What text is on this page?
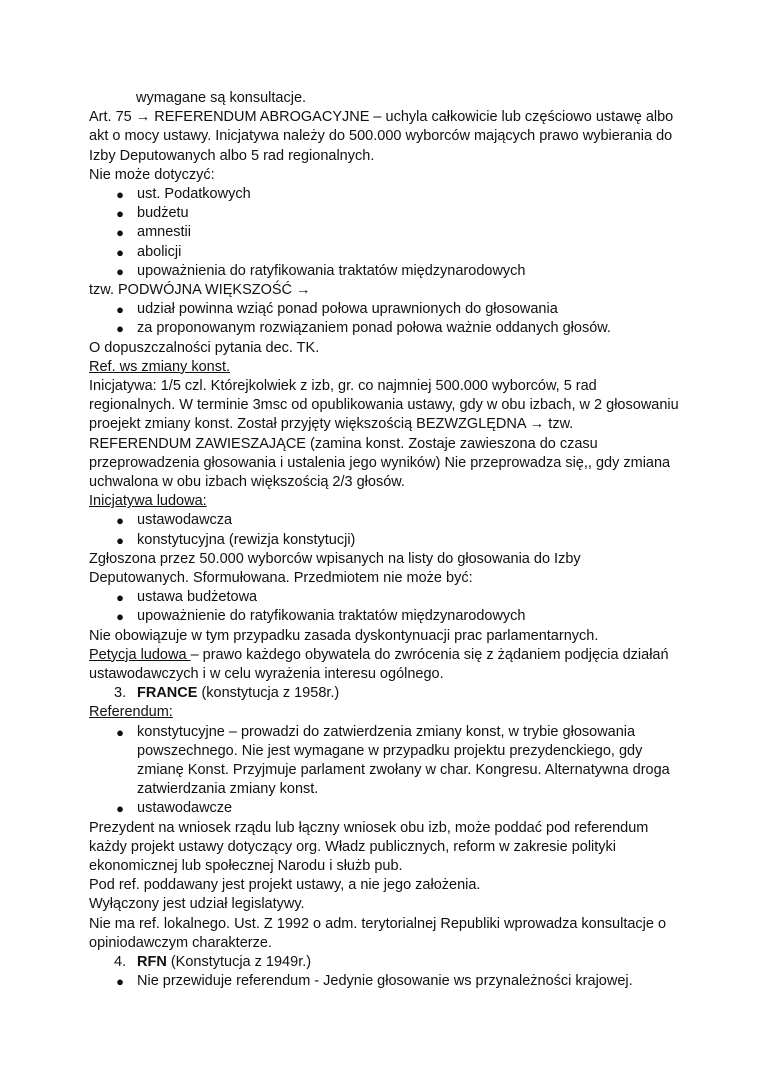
wymagane są konsultacje.
Art. 75 → REFERENDUM ABROGACYJNE – uchyla całkowicie lub częściowo ustawę albo akt o mocy ustawy. Inicjatywa należy do 500.000 wyborców mających prawo wybierania do Izby Deputowanych albo 5 rad regionalnych.
Nie może dotyczyć:
● ust. Podatkowych
● budżetu
● amnestii
● abolicji
● upoważnienia do ratyfikowania traktatów międzynarodowych
tzw. PODWÓJNA WIĘKSZOŚĆ →
● udział powinna wziąć ponad połowa uprawnionych do głosowania
● za proponowanym rozwiązaniem ponad połowa ważnie oddanych głosów.
O dopuszczalności pytania dec. TK.
Ref. ws zmiany konst.
Inicjatywa: 1/5 czl. Którejkolwiek z izb, gr. co najmniej 500.000 wyborców, 5 rad regionalnych. W terminie 3msc od opublikowania ustawy, gdy w obu izbach, w 2 głosowaniu proejekt zmiany konst. Został przyjęty większością BEZWZGLĘDNA → tzw. REFERENDUM ZAWIESZAJĄCE (zamina konst. Zostaje zawieszona do czasu przeprowadzenia głosowania i ustalenia jego wyników) Nie przeprowadza się,, gdy zmiana uchwalona w obu izbach większością 2/3 głosów.
Inicjatywa ludowa:
● ustawodawcza
● konstytucyjna (rewizja konstytucji)
Zgłoszona przez 50.000 wyborców wpisanych na listy do głosowania do Izby Deputowanych. Sformułowana. Przedmiotem nie może być:
● ustawa budżetowa
● upoważnienie do ratyfikowania traktatów międzynarodowych
Nie obowiązuje w tym przypadku zasada dyskontynuacji prac parlamentarnych.
Petycja ludowa – prawo każdego obywatela do zwrócenia się z żądaniem podjęcia działań ustawodawczych i w celu wyrażenia interesu ogólnego.
3. FRANCE (konstytucja z 1958r.)
Referendum:
● konstytucyjne – prowadzi do zatwierdzenia zmiany konst, w trybie głosowania powszechnego. Nie jest wymagane w przypadku projektu prezydenckiego, gdy zmianę Konst. Przyjmuje parlament zwołany w char. Kongresu. Alternatywna droga zatwierdzania zmiany konst.
● ustawodawcze
Prezydent na wniosek rządu lub łączny wniosek obu izb, może poddać pod referendum każdy projekt ustawy dotyczący org. Władz publicznych, reform w zakresie polityki ekonomicznej lub społecznej Narodu i służb pub.
Pod ref. poddawany jest projekt ustawy, a nie jego założenia.
Wyłączony jest udział legislatywy.
Nie ma ref. lokalnego. Ust. Z 1992 o adm. terytorialnej Republiki wprowadza konsultacje o opiniodawczym charakterze.
4. RFN (Konstytucja z 1949r.)
● Nie przewiduje referendum - Jedynie głosowanie ws przynależności krajowej.
